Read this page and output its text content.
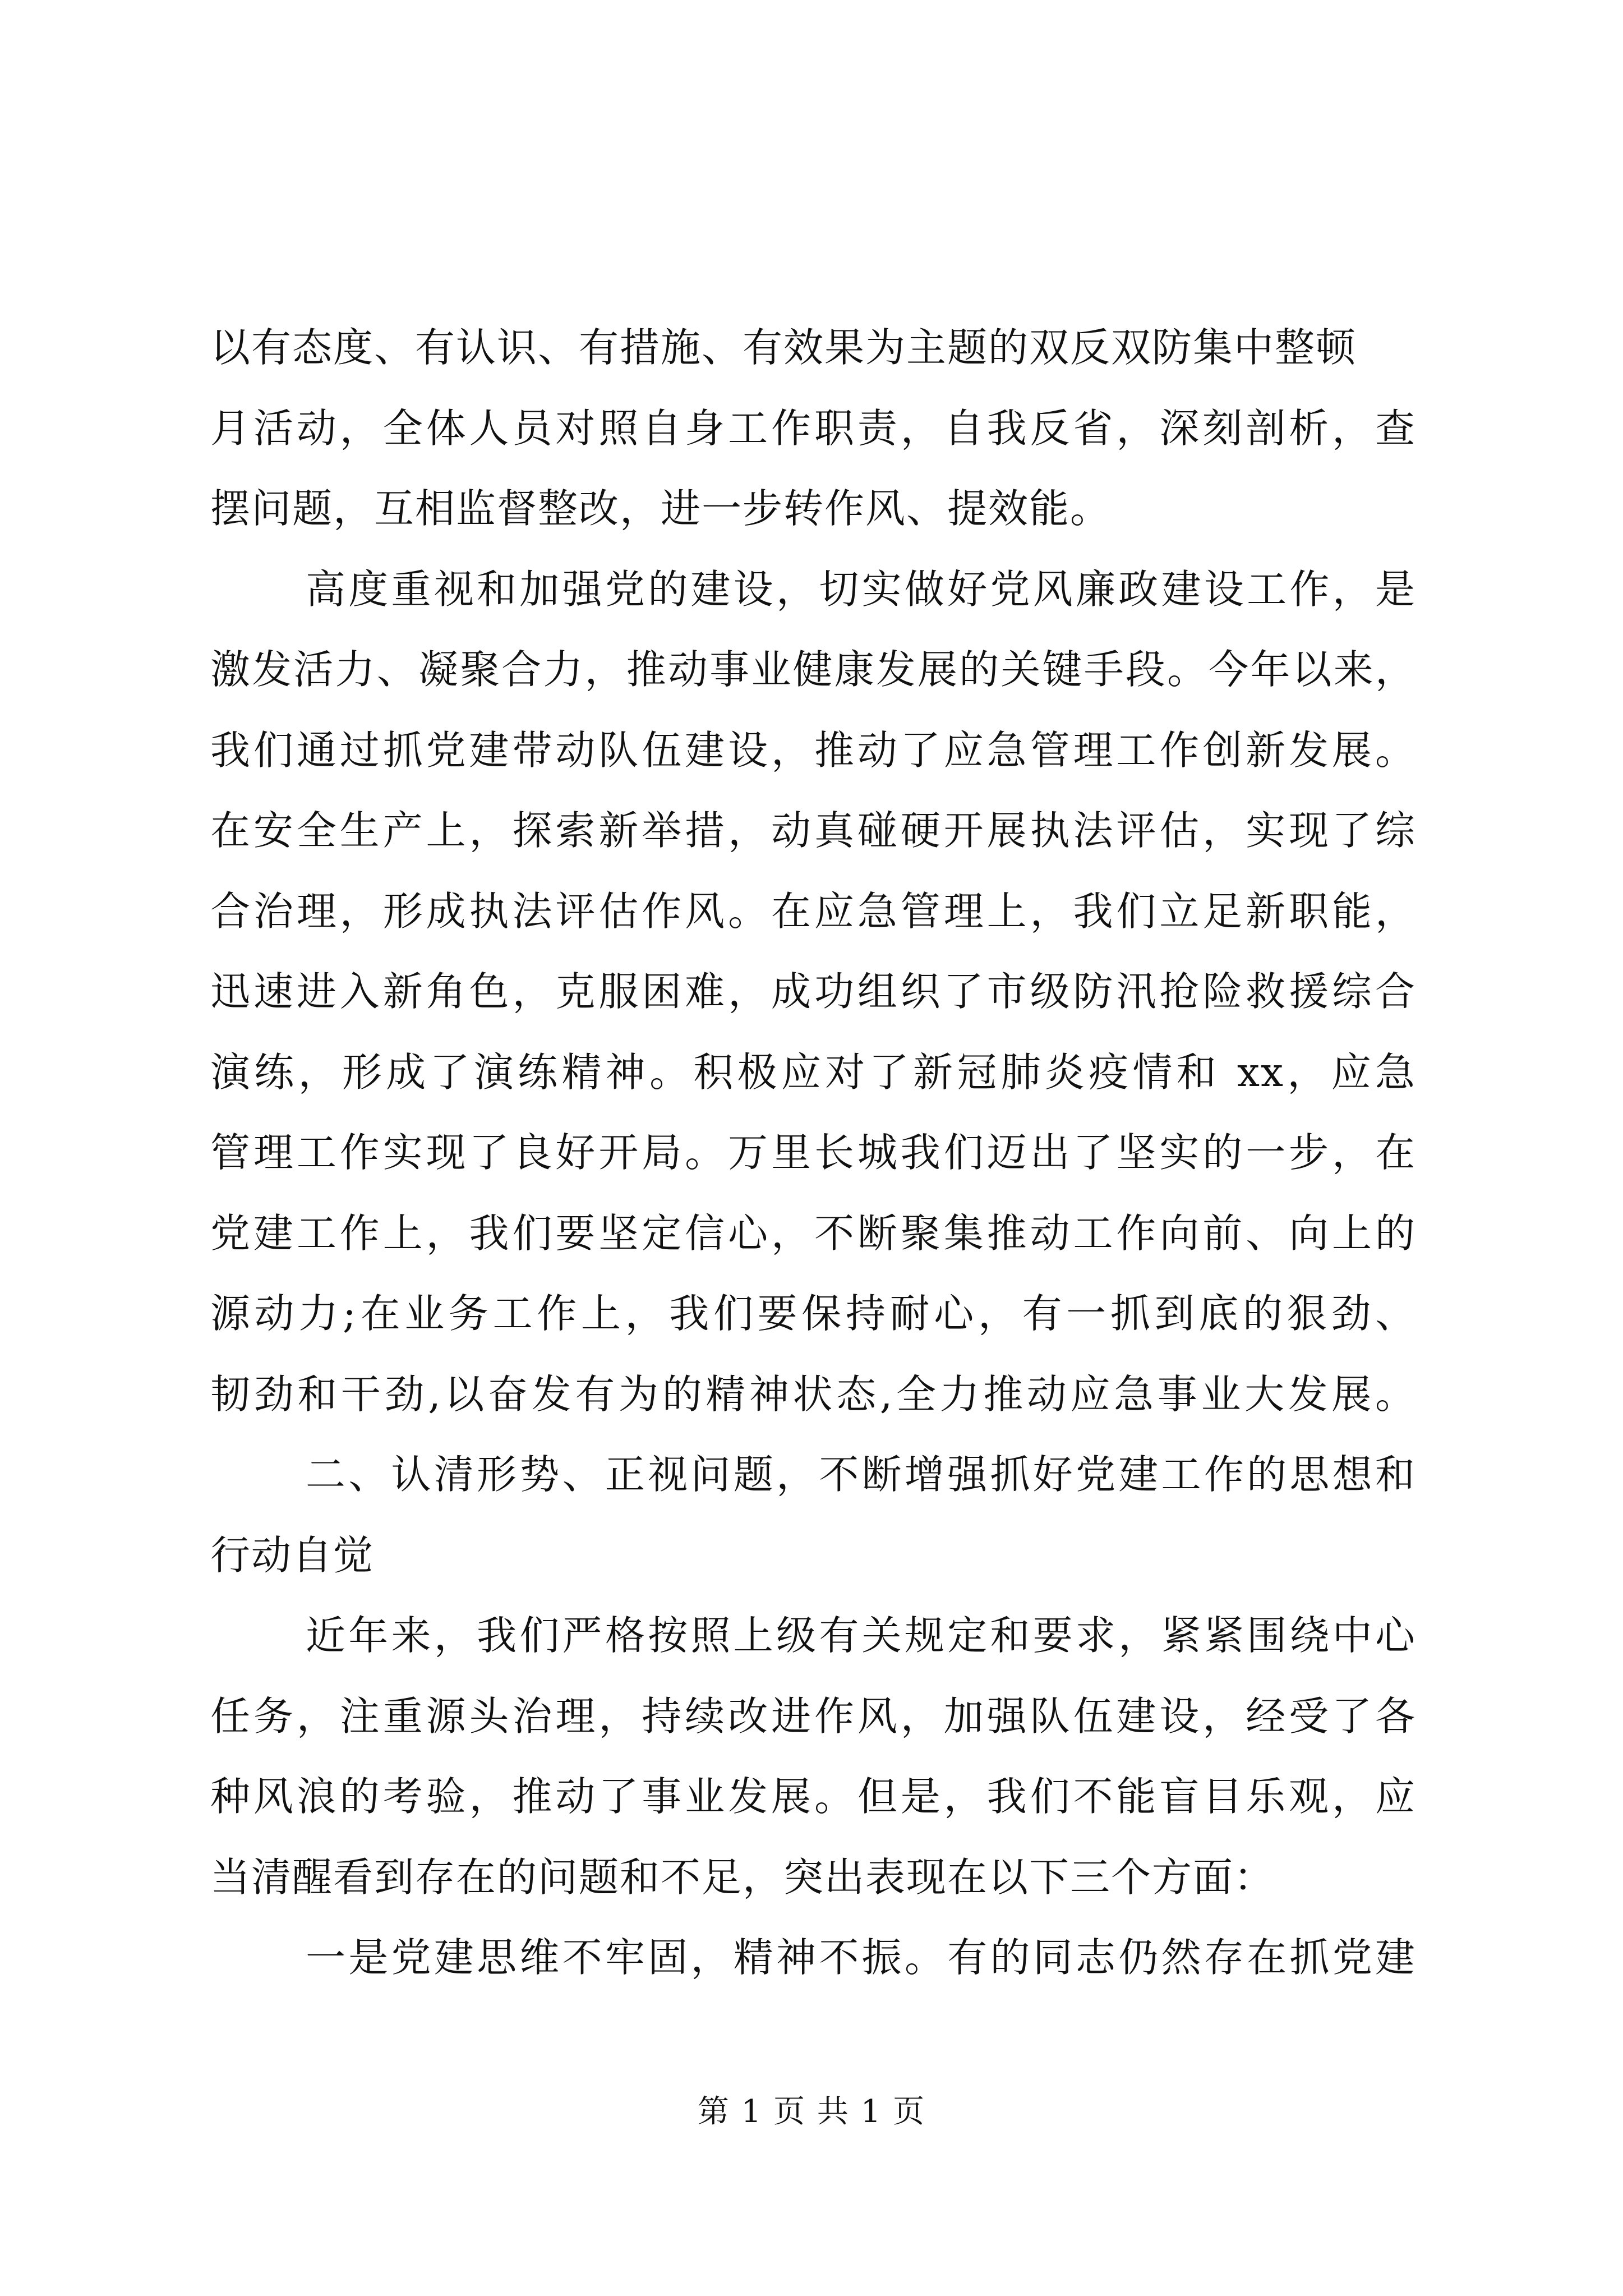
以有态度、有认识、有措施、有效果为主题的双反双防集中整顿
月活动，全体人员对照自身工作职责，自我反省，深刻剖析，查
摆问题，互相监督整改，进一步转作风、提效能。
高度重视和加强党的建设，切实做好党风廉政建设工作，是
激发活力、凝聚合力，推动事业健康发展的关键手段。今年以来，
我们通过抓党建带动队伍建设，推动了应急管理工作创新发展。
在安全生产上，探索新举措，动真碰硬开展执法评估，实现了综
合治理，形成执法评估作风。在应急管理上，我们立足新职能，
迅速进入新角色，克服困难，成功组织了市级防汛抢险救援综合
演练，形成了演练精神。积极应对了新冠肺炎疫情和 xx，应急
管理工作实现了良好开局。万里长城我们迈出了坚实的一步，在
党建工作上，我们要坚定信心，不断聚集推动工作向前、向上的
源动力;在业务工作上，我们要保持耐心，有一抓到底的狠劲、
韧劲和干劲,以奋发有为的精神状态,全力推动应急事业大发展。
二、认清形势、正视问题，不断增强抓好党建工作的思想和
行动自觉
近年来，我们严格按照上级有关规定和要求，紧紧围绕中心
任务，注重源头治理，持续改进作风，加强队伍建设，经受了各
种风浪的考验，推动了事业发展。但是，我们不能盲目乐观，应
当清醒看到存在的问题和不足，突出表现在以下三个方面：
一是党建思维不牢固，精神不振。有的同志仍然存在抓党建
第 1 页 共 1 页
